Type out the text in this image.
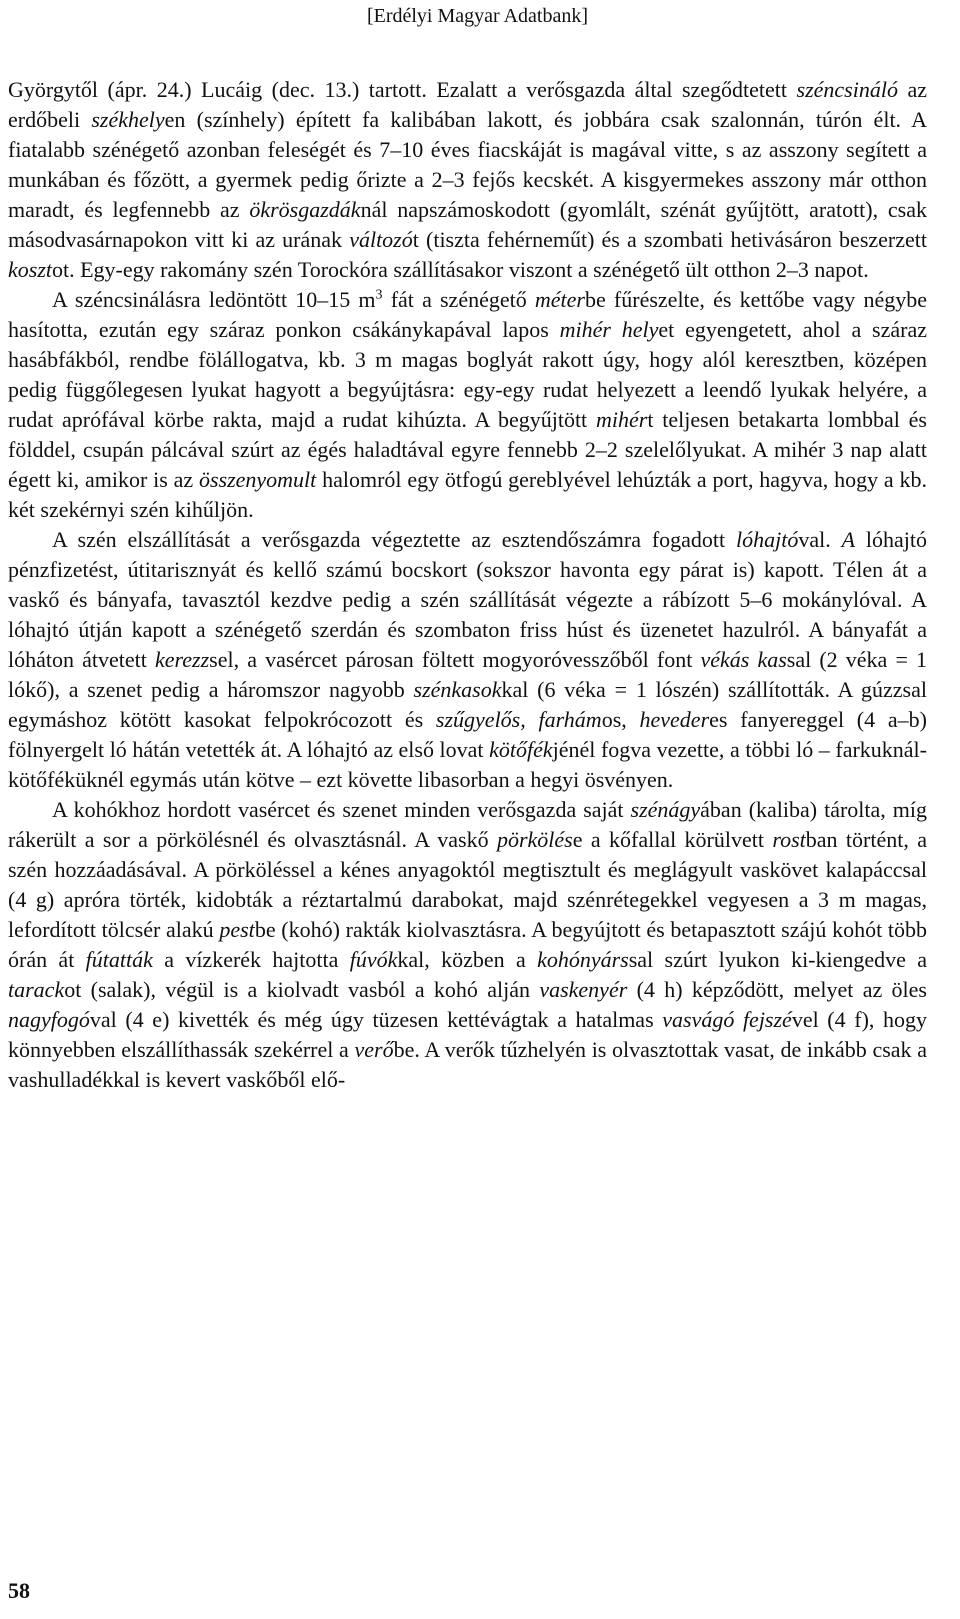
[Erdélyi Magyar Adatbank]

Györgytől (ápr. 24.) Lucáig (dec. 13.) tartott. Ezalatt a verősgazda által szegődtetett széncsináló az erdőbeli székhelyen (színhely) épített fa kalibában lakott, és jobbára csak szalonnán, túrón élt. A fiatalabb szénégető azonban feleségét és 7–10 éves fiacskáját is magával vitte, s az asszony segített a munkában és főzött, a gyermek pedig őrizte a 2–3 fejős kecskét. A kisgyermekes asszony már otthon maradt, és legfennebb az ökrösgazdáknál napszámoskodott (gyomlált, szénát gyűjtött, aratott), csak másodvasárnapokon vitt ki az urának változót (tiszta fehérneműt) és a szombati hetivásáron beszerzett kosztot. Egy-egy rakomány szén Torockóra szállításakor viszont a szénégető ült otthon 2–3 napot.

A széncsinálásra ledöntött 10–15 $m^3$ fát a szénégető méterbe fűrészelte, és kettőbe vagy négybe hasította, ezután egy száraz ponkon csákánykapával lapos mihér helyet egyengetett, ahol a száraz hasábfákból, rendbe fölállogatva, kb. 3 m magas boglyát rakott úgy, hogy alól keresztben, középen pedig függőlegesen lyukat hagyott a begyújtásra: egy-egy rudat helyezett a leendő lyukak helyére, a rudat aprófával körbe rakta, majd a rudat kihúzta. A begyűjtött mihért teljesen betakarta lombbal és földdel, csupán pálcával szúrt az égés haladtával egyre fennebb 2–2 szelelőlyukat. A mihér 3 nap alatt égett ki, amikor is az összenyomult halomról egy ötfogú gereblyével lehúzták a port, hagyva, hogy a kb. két szekérnyi szén kihűljön.

A szén elszállítását a verősgazda végeztette az esztendőszámra fogadott lóhajtóval. A lóhajtó pénzfizetést, útitarisznyát és kellő számú bocskort (sokszor havonta egy párat is) kapott. Télen át a vaskő és bányafa, tavasztól kezdve pedig a szén szállítását végezte a rábízott 5–6 mokánylóval. A lóhajtó útján kapott a szénégető szerdán és szombaton friss húst és üzenetet hazulról. A bányafát a lóháton átvetett kerezzsel, a vasércet párosan föltett mogyoróvesszőből font vékás kassal (2 véka = 1 lókő), a szenet pedig a háromszor nagyobb szénkasokkal (6 véka = 1 lószén) szállították. A gúzzsal egymáshoz kötött kasokat felpokrócozott és szűgyelős, farhámos, hevederes fanyereggel (4 a–b) fölnyergelt ló hátán vetették át. A lóhajtó az első lovat kötőfékjénél fogva vezette, a többi ló – farkuknál-kötőféküknél egymás után kötve – ezt követte libasorban a hegyi ösvényen.

A kohókhoz hordott vasércet és szenet minden verősgazda saját szénágyában (kaliba) tárolta, míg rákerült a sor a pörkölésnél és olvasztásnál. A vaskő pörkölése a kőfallal körülvett rostban történt, a szén hozzáadásával. A pörköléssel a kénes anyagoktól megtisztult és meglágyult vaskövet kalapáccsal (4 g) apróra törték, kidobták a réztartalmú darabokat, majd szénrétegekkel vegyesen a 3 m magas, lefordított tölcsér alakú pestbe (kohó) rakták kiolvasztásra. A begyújtott és betapasztott szájú kohót több órán át fútatták a vízkerék hajtotta fúvókkal, közben a kohónyárssal szúrt lyukon ki-kiengedve a tarackot (salak), végül is a kiolvadt vasból a kohó alján vaskenyér (4 h) képződött, melyet az öles nagyfogóval (4 e) kivették és még úgy tüzesen kettévágtak a hatalmas vasvágó fejszével (4 f), hogy könnyebben elszállíthassák szekérrel a verőbe. A verők tűzhelyén is olvasztottak vasat, de inkább csak a vashulladékkal is kevert vaskőből elő-

58
